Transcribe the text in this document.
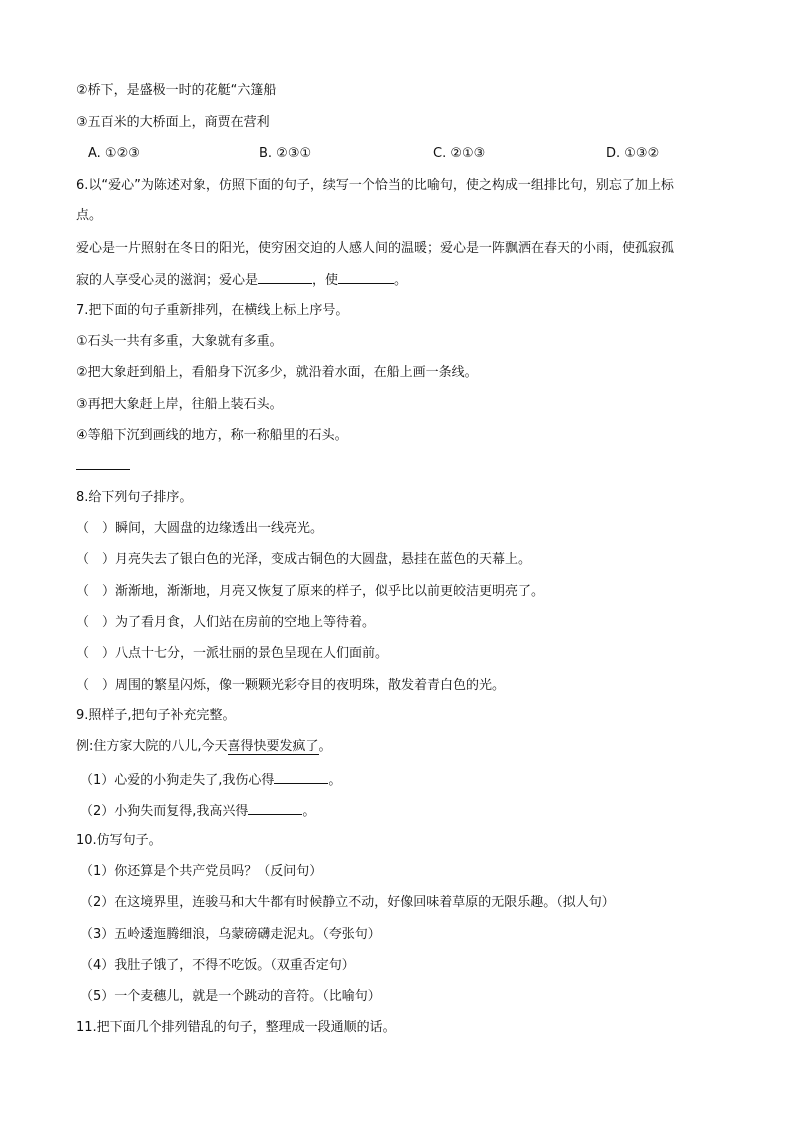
②桥下，是盛极一时的花艇“六篷船
③五百米的大桥面上，商贾在营利
A. ①②③	B. ②③①	C. ②①③	D. ①③②
6.以“爱心”为陈述对象，仿照下面的句子，续写一个恰当的比喻句，使之构成一组排比句，别忘了加上标
点。
爱心是一片照射在冬日的阳光，使穷困交迫的人感人间的温暖；爱心是一阵飘洒在春天的小雨，使孤寂孤
寂的人享受心灵的滋润；爱心是	，使	。
7.把下面的句子重新排列，在横线上标上序号。
①石头一共有多重，大象就有多重。
②把大象赶到船上，看船身下沉多少，就沿着水面，在船上画一条线。
③再把大象赶上岸，往船上装石头。
④等船下沉到画线的地方，称一称船里的石头。
8.给下列句子排序。
（　）瞬间，大圆盘的边缘透出一线亮光。
（　）月亮失去了银白色的光泽，变成古铜色的大圆盘，悬挂在蓝色的天幕上。
（　）渐渐地，渐渐地，月亮又恢复了原来的样子，似乎比以前更皎洁更明亮了。
（　）为了看月食，人们站在房前的空地上等待着。
（　）八点十七分，一派壮丽的景色呈现在人们面前。
（　）周围的繁星闪烁，像一颗颗光彩夺目的夜明珠，散发着青白色的光。
9.照样子,把句子补充完整。
例:住方家大院的八儿,今天喜得快要发疯了。
（1）心爱的小狗走失了,我伤心得	。
（2）小狗失而复得,我高兴得	。
10.仿写句子。
（1）你还算是个共产党员吗？（反问句）
（2）在这境界里，连骏马和大牛都有时候静立不动，好像回味着草原的无限乐趣。（拟人句）
（3）五岭逶迤腾细浪，乌蒙磅礴走泥丸。（夸张句）
（4）我肚子饿了，不得不吃饭。（双重否定句）
（5）一个麦穗儿，就是一个跳动的音符。（比喻句）
11.把下面几个排列错乱的句子，整理成一段通顺的话。
